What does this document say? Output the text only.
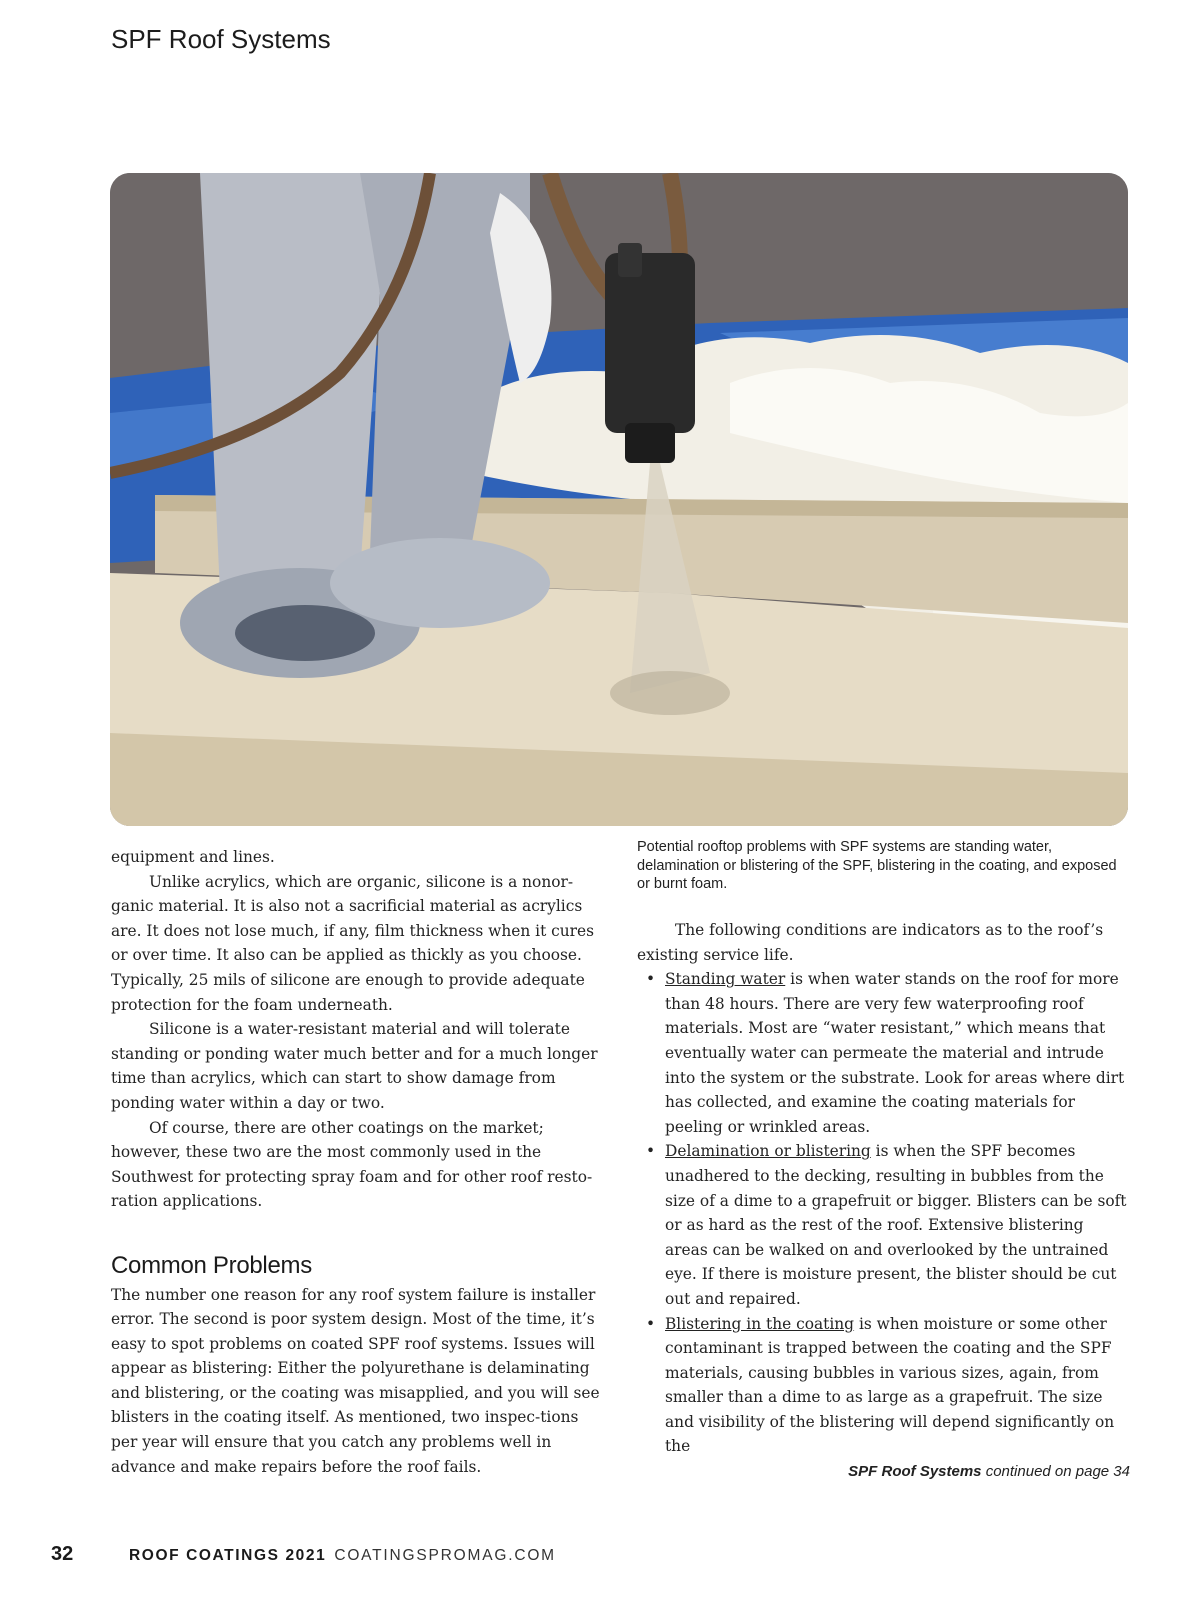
SPF Roof Systems

Potential rooftop problems with SPF systems are standing water, delamination or blistering of the SPF, blistering in the coating, and exposed or burnt foam.

equipment and lines.

Unlike acrylics, which are organic, silicone is a nonor-ganic material. It is also not a sacrificial material as acrylics are. It does not lose much, if any, film thickness when it cures or over time. It also can be applied as thickly as you choose. Typically, 25 mils of silicone are enough to provide adequate protection for the foam underneath.

Silicone is a water-resistant material and will tolerate standing or ponding water much better and for a much longer time than acrylics, which can start to show damage from ponding water within a day or two.

Of course, there are other coatings on the market; however, these two are the most commonly used in the Southwest for protecting spray foam and for other roof resto-ration applications.

Common Problems

The number one reason for any roof system failure is installer error. The second is poor system design. Most of the time, it’s easy to spot problems on coated SPF roof systems. Issues will appear as blistering: Either the polyurethane is delaminating and blistering, or the coating was misapplied, and you will see blisters in the coating itself. As mentioned, two inspec-tions per year will ensure that you catch any problems well in advance and make repairs before the roof fails.

The following conditions are indicators as to the roof’s existing service life.

• Standing water is when water stands on the roof for more than 48 hours. There are very few waterproofing roof materials. Most are “water resistant,” which means that eventually water can permeate the material and intrude into the system or the substrate. Look for areas where dirt has collected, and examine the coating materials for peeling or wrinkled areas.
• Delamination or blistering is when the SPF becomes unadhered to the decking, resulting in bubbles from the size of a dime to a grapefruit or bigger. Blisters can be soft or as hard as the rest of the roof. Extensive blistering areas can be walked on and overlooked by the untrained eye. If there is moisture present, the blister should be cut out and repaired.
• Blistering in the coating is when moisture or some other contaminant is trapped between the coating and the SPF materials, causing bubbles in various sizes, again, from smaller than a dime to as large as a grapefruit. The size and visibility of the blistering will depend significantly on the

SPF Roof Systems continued on page 34

32	ROOF COATINGS 2021 COATINGSPROMAG.COM
